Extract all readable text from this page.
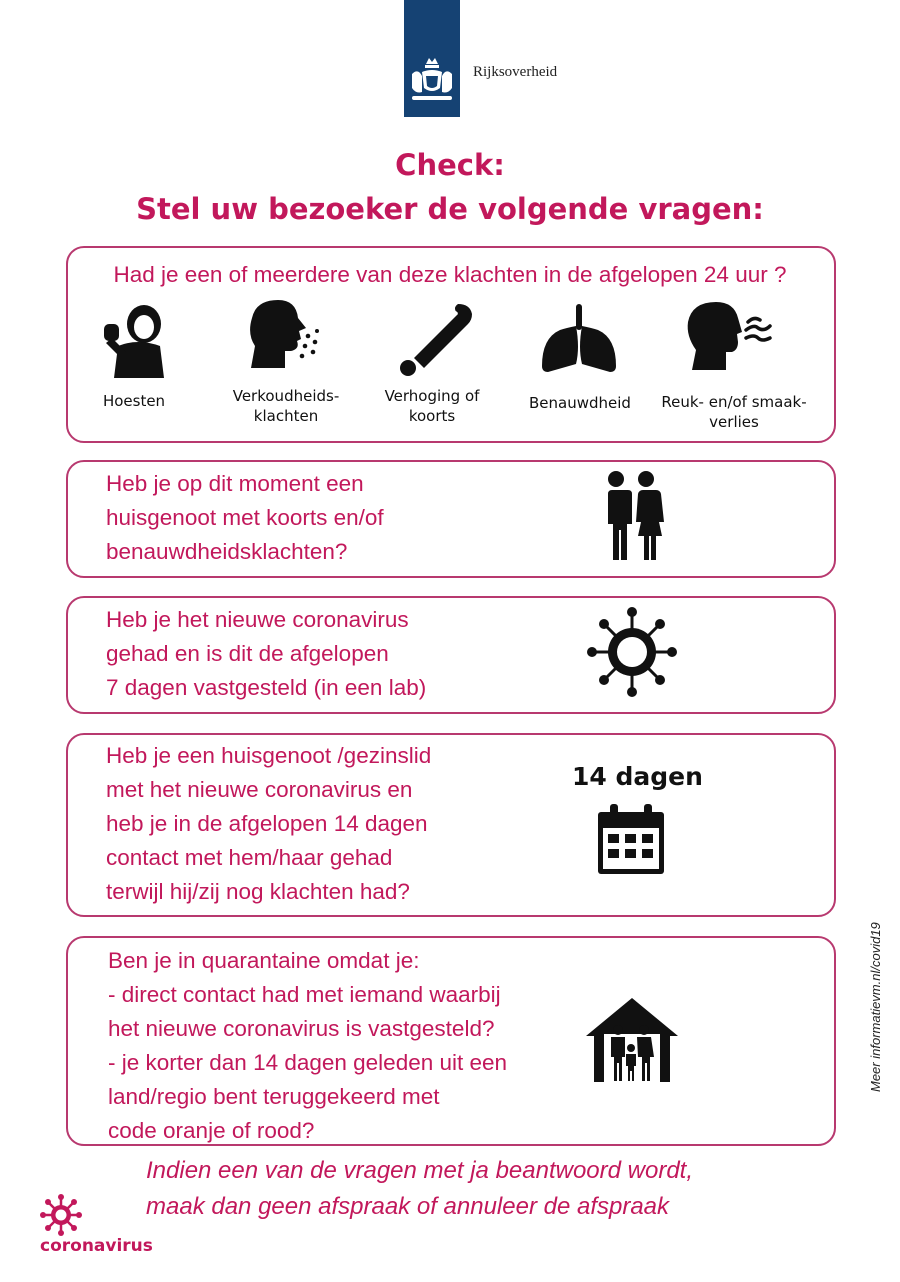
Rijksoverheid
Check:
Stel uw bezoeker de volgende vragen:
Had je een of meerdere van deze klachten in de afgelopen 24 uur ?
Hoesten	Verkoudheids-
klachten
Verhoging of
koorts
Benauwdheid	Reuk- en/of smaak-
verlies
Heb je op dit moment een
huisgenoot met koorts en/of
benauwdheidsklachten?
Heb je het nieuwe coronavirus
gehad en is dit de afgelopen
7 dagen vastgesteld (in een lab)
Heb je een huisgenoot /gezinslid
met het nieuwe coronavirus en
heb je in de afgelopen 14 dagen
contact met hem/haar gehad
terwijl hij/zij nog klachten had?
14 dagen
Ben je in quarantaine omdat je:
- direct contact had met iemand waarbij
het nieuwe coronavirus is vastgesteld?
- je korter dan 14 dagen geleden uit een
land/regio bent teruggekeerd met
code oranje of rood?
Meer informatievm.nl/covid19
Indien een van de vragen met ja beantwoord wordt,
maak dan geen afspraak of annuleer de afspraak
coronavirus
